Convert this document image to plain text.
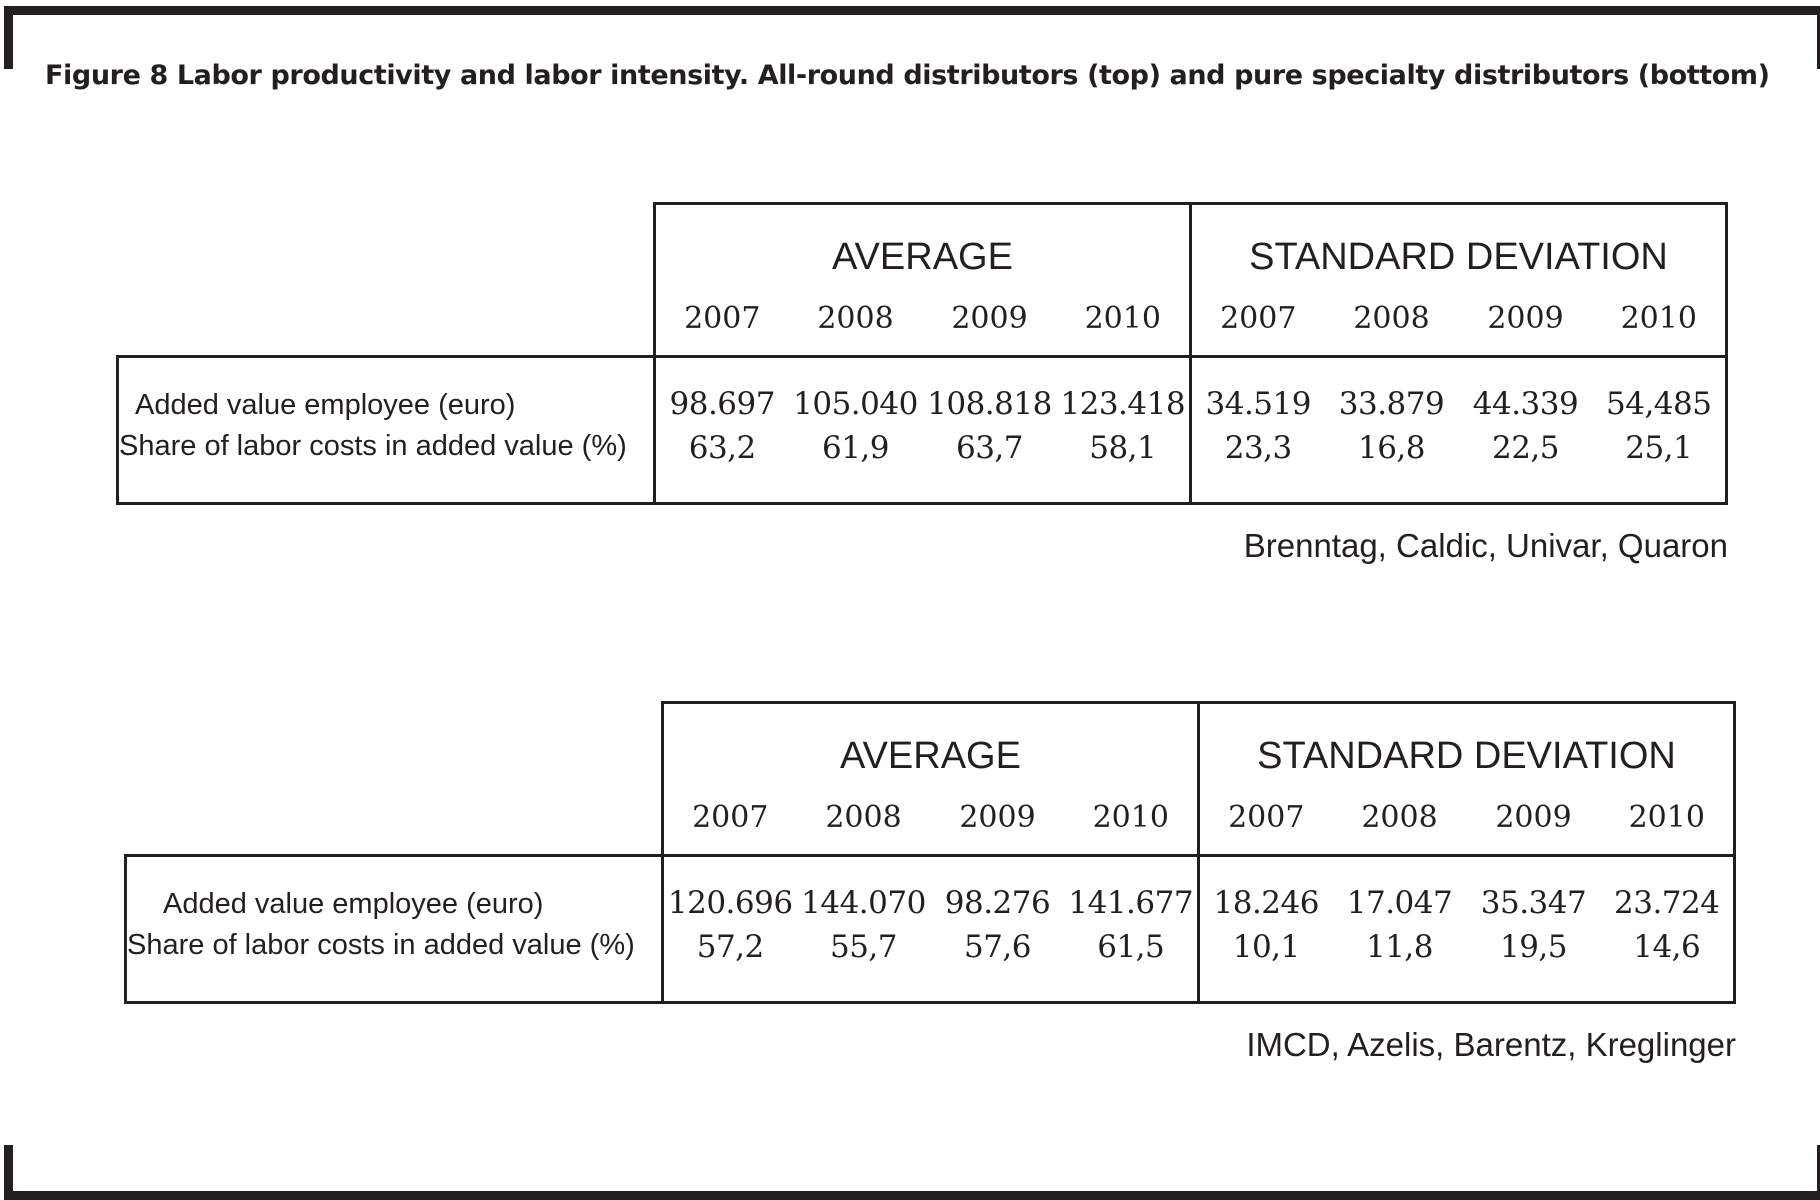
Figure 8 Labor productivity and labor intensity. All-round distributors (top) and pure specialty distributors (bottom)
	AVERAGE				STANDARD DEVIATION			
	2007	2008	2009	2010	2007	2008	2009	2010
Added value employee (euro)	98.697	105.040	108.818	123.418	34.519	33.879	44.339	54,485
Share of labor costs in added value (%)	63,2	61,9	63,7	58,1	23,3	16,8	22,5	25,1
Brenntag, Caldic, Univar, Quaron
	AVERAGE				STANDARD DEVIATION			
	2007	2008	2009	2010	2007	2008	2009	2010
Added value employee (euro)	120.696	144.070	98.276	141.677	18.246	17.047	35.347	23.724
Share of labor costs in added value (%)	57,2	55,7	57,6	61,5	10,1	11,8	19,5	14,6
IMCD, Azelis, Barentz, Kreglinger
